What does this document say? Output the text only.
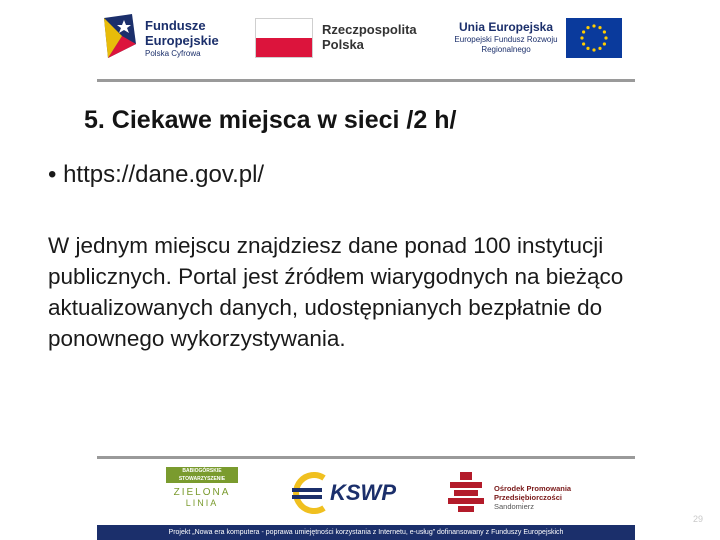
Fundusze Europejskie
Polska Cyfrowa
Rzeczpospolita Polska
Unia Europejska
Europejski Fundusz Rozwoju Regionalnego
5. Ciekawe miejsca w sieci /2 h/
• https://dane.gov.pl/
W jednym miejscu znajdziesz dane ponad 100 instytucji publicznych. Portal jest źródłem wiarygodnych na bieżąco aktualizowanych danych, udostępnianych bezpłatnie do ponownego wykorzystywania.
BABIOGÓRSKIE STOWARZYSZENIE
ZIELONA
LINIA	KSWP	Ośrodek Promowania Przedsiębiorczości
Sandomierz
Projekt „Nowa era komputera - poprawa umiejętności korzystania z Internetu, e-usług” dofinansowany z Funduszy Europejskich
29
